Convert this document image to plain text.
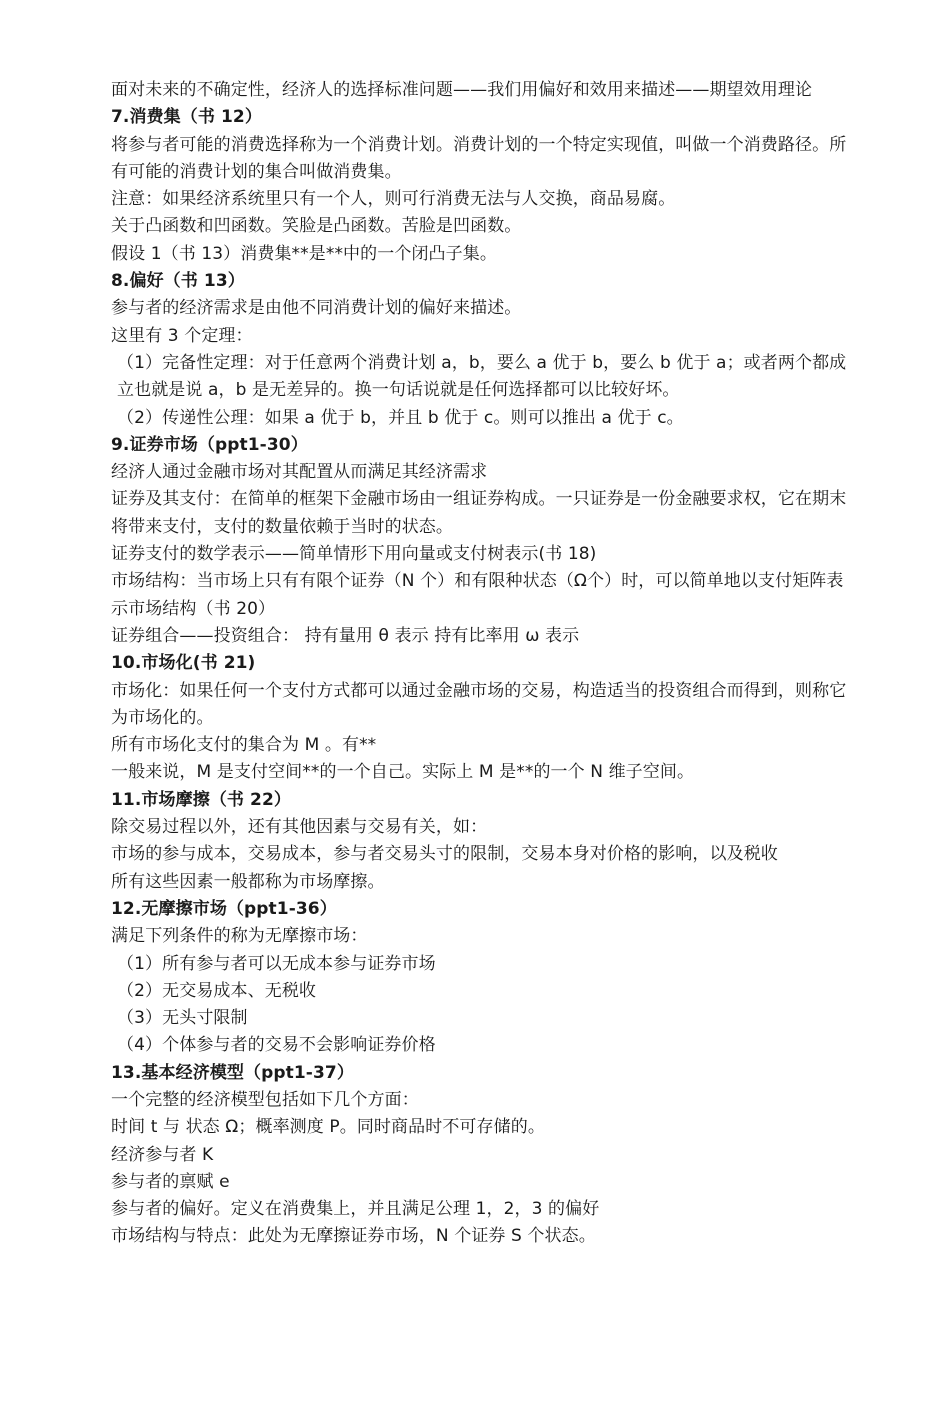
面对未来的不确定性，经济人的选择标准问题——我们用偏好和效用来描述——期望效用理论
7.消费集（书 12）
将参与者可能的消费选择称为一个消费计划。消费计划的一个特定实现值，叫做一个消费路径。所有可能的消费计划的集合叫做消费集。
注意：如果经济系统里只有一个人，则可行消费无法与人交换，商品易腐。
关于凸函数和凹函数。笑脸是凸函数。苦脸是凹函数。
假设 1（书 13）消费集**是**中的一个闭凸子集。
8.偏好（书 13）
参与者的经济需求是由他不同消费计划的偏好来描述。
这里有 3 个定理：
（1）完备性定理：对于任意两个消费计划 a，b，要么 a 优于 b，要么 b 优于 a；或者两个都成立也就是说 a，b 是无差异的。换一句话说就是任何选择都可以比较好坏。
（2）传递性公理：如果 a 优于 b，并且 b 优于 c。则可以推出 a 优于 c。
9.证券市场（ppt1-30）
经济人通过金融市场对其配置从而满足其经济需求
证券及其支付：在简单的框架下金融市场由一组证券构成。一只证券是一份金融要求权，它在期末将带来支付，支付的数量依赖于当时的状态。
证券支付的数学表示——简单情形下用向量或支付树表示(书 18)
市场结构：当市场上只有有限个证券（N 个）和有限种状态（Ω个）时，可以简单地以支付矩阵表示市场结构（书 20）
证券组合——投资组合： 持有量用 θ 表示 持有比率用 ω 表示
10.市场化(书 21)
市场化：如果任何一个支付方式都可以通过金融市场的交易，构造适当的投资组合而得到，则称它为市场化的。
所有市场化支付的集合为 M 。有**
一般来说，M 是支付空间**的一个自己。实际上 M 是**的一个 N 维子空间。
11.市场摩擦（书 22）
除交易过程以外，还有其他因素与交易有关，如：
市场的参与成本，交易成本，参与者交易头寸的限制，交易本身对价格的影响，以及税收
所有这些因素一般都称为市场摩擦。
12.无摩擦市场（ppt1-36）
满足下列条件的称为无摩擦市场：
（1）所有参与者可以无成本参与证券市场
（2）无交易成本、无税收
（3）无头寸限制
（4）个体参与者的交易不会影响证券价格
13.基本经济模型（ppt1-37）
一个完整的经济模型包括如下几个方面：
时间 t 与 状态 Ω；概率测度 P。同时商品时不可存储的。
经济参与者 K
参与者的禀赋 e
参与者的偏好。定义在消费集上，并且满足公理 1，2，3 的偏好
市场结构与特点：此处为无摩擦证券市场，N 个证券 S 个状态。
